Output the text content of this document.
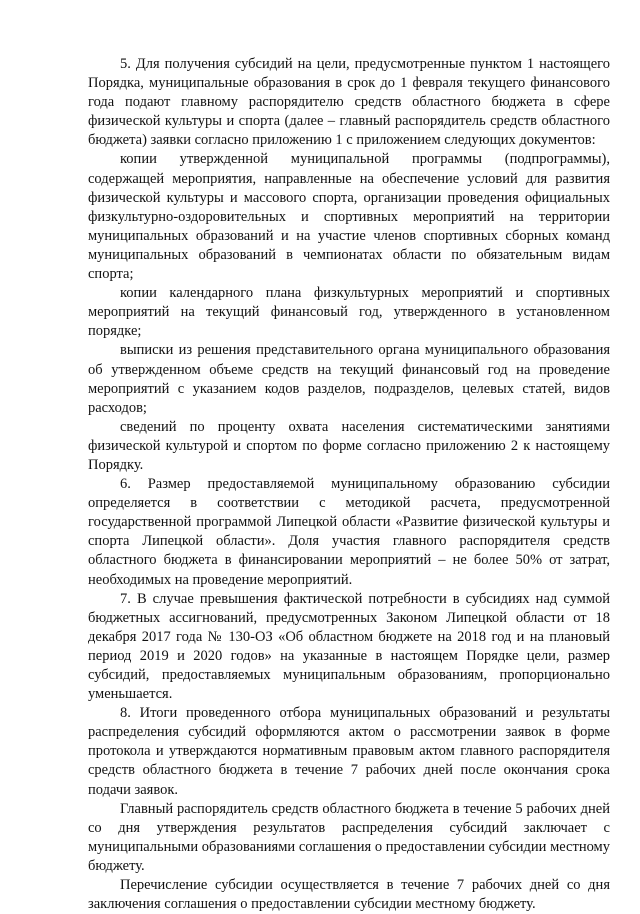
5. Для получения субсидий на цели, предусмотренные пунктом 1 настоящего Порядка, муниципальные образования в срок до 1 февраля текущего финансового года подают главному распорядителю средств областного бюджета в сфере физической культуры и спорта (далее – главный распорядитель средств областного бюджета) заявки согласно приложению 1 с приложением следующих документов:

копии утвержденной муниципальной программы (подпрограммы), содержащей мероприятия, направленные на обеспечение условий для развития физической культуры и массового спорта, организации проведения официальных физкультурно-оздоровительных и спортивных мероприятий на территории муниципальных образований и на участие членов спортивных сборных команд муниципальных образований в чемпионатах области по обязательным видам спорта;

копии календарного плана физкультурных мероприятий и спортивных мероприятий на текущий финансовый год, утвержденного в установленном порядке;

выписки из решения представительного органа муниципального образования об утвержденном объеме средств на текущий финансовый год на проведение мероприятий с указанием кодов разделов, подразделов, целевых статей, видов расходов;

сведений по проценту охвата населения систематическими занятиями физической культурой и спортом по форме согласно приложению 2 к настоящему Порядку.

6. Размер предоставляемой муниципальному образованию субсидии определяется в соответствии с методикой расчета, предусмотренной государственной программой Липецкой области «Развитие физической культуры и спорта Липецкой области». Доля участия главного распорядителя средств областного бюджета в финансировании мероприятий – не более 50% от затрат, необходимых на проведение мероприятий.

7. В случае превышения фактической потребности в субсидиях над суммой бюджетных ассигнований, предусмотренных Законом Липецкой области от 18 декабря 2017 года № 130-ОЗ «Об областном бюджете на 2018 год и на плановый период 2019 и 2020 годов» на указанные в настоящем Порядке цели, размер субсидий, предоставляемых муниципальным образованиям, пропорционально уменьшается.

8. Итоги проведенного отбора муниципальных образований и результаты распределения субсидий оформляются актом о рассмотрении заявок в форме протокола и утверждаются нормативным правовым актом главного распорядителя средств областного бюджета в течение 7 рабочих дней после окончания срока подачи заявок.

Главный распорядитель средств областного бюджета в течение 5 рабочих дней со дня утверждения результатов распределения субсидий заключает с муниципальными образованиями соглашения о предоставлении субсидии местному бюджету.

Перечисление субсидии осуществляется в течение 7 рабочих дней со дня заключения соглашения о предоставлении субсидии местному бюджету.
